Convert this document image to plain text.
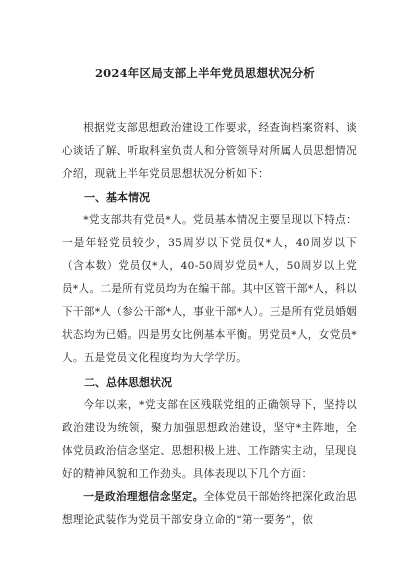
2024年区局支部上半年党员思想状况分析
根据党支部思想政治建设工作要求，经查询档案资料、谈心谈话了解、听取科室负责人和分管领导对所属人员思想情况介绍，现就上半年党员思想状况分析如下：
一、基本情况
*党支部共有党员*人。党员基本情况主要呈现以下特点：一是年轻党员较少，35周岁以下党员仅*人，40周岁以下（含本数）党员仅*人，40-50周岁党员*人，50周岁以上党员*人。二是所有党员均为在编干部。其中区管干部*人，科以下干部*人（参公干部*人，事业干部*人）。三是所有党员婚姻状态均为已婚。四是男女比例基本平衡。男党员*人，女党员*人。五是党员文化程度均为大学学历。
二、总体思想状况
今年以来，*党支部在区残联党组的正确领导下，坚持以政治建设为统领，聚力加强思想政治建设，坚守*主阵地，全体党员政治信念坚定、思想积极上进、工作踏实主动，呈现良好的精神风貌和工作劲头。具体表现以下几个方面：
一是政治理想信念坚定。全体党员干部始终把深化政治思想理论武装作为党员干部安身立命的“第一要务”，依
